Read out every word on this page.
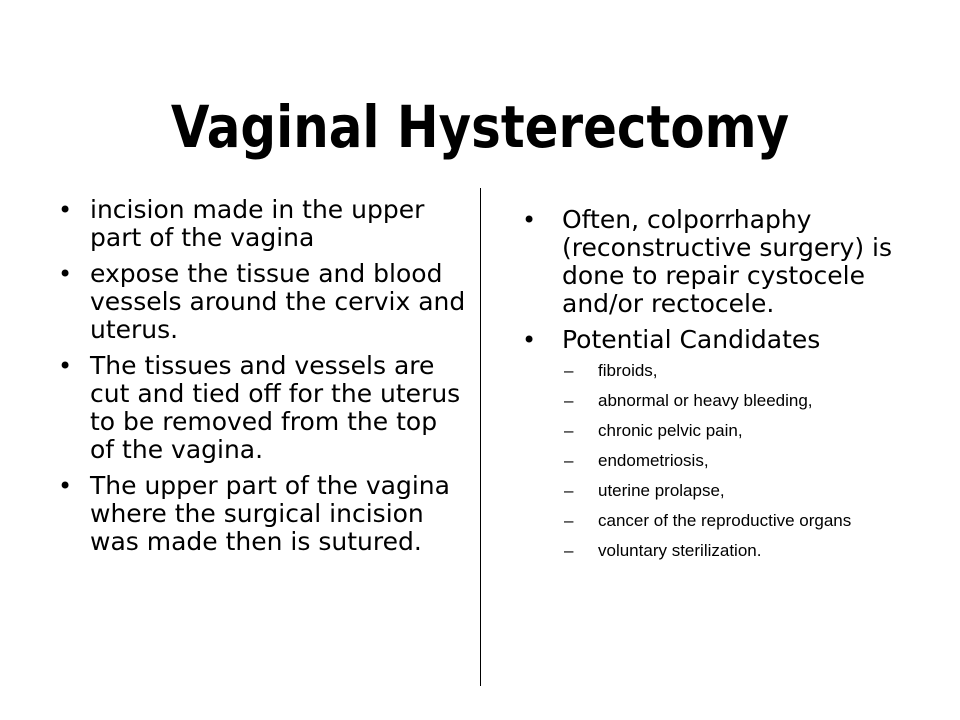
Vaginal Hysterectomy
• incision made in the upper part of the vagina
• expose the tissue and blood vessels around the cervix and uterus.
• The tissues and vessels are cut and tied off for the uterus to be removed from the top of the vagina.
• The upper part of the vagina where the surgical incision was made then is sutured.
• Often, colporrhaphy (reconstructive surgery) is done to repair cystocele and/or rectocele.
• Potential Candidates
– fibroids,
– abnormal or heavy bleeding,
– chronic pelvic pain,
– endometriosis,
– uterine prolapse,
– cancer of the reproductive organs
– voluntary sterilization.
